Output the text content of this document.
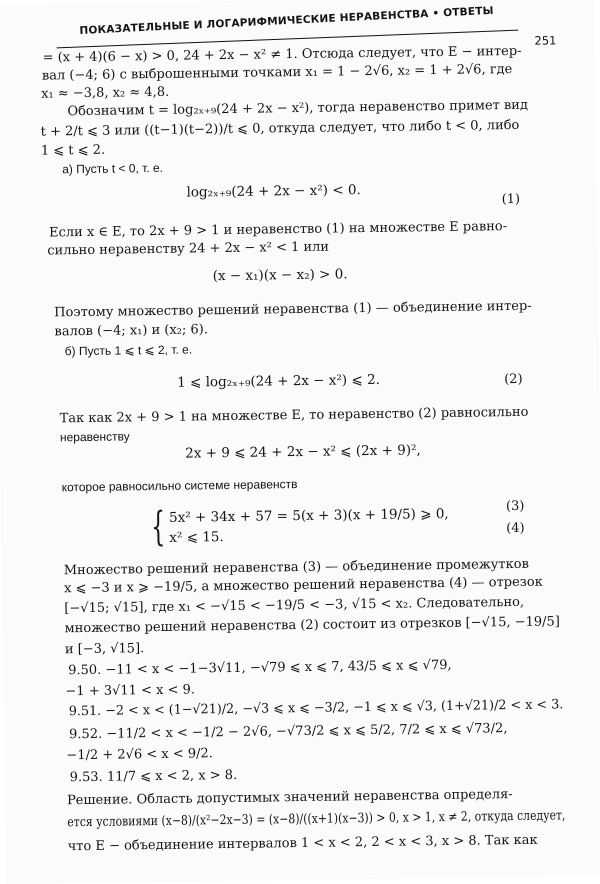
ПОКАЗАТЕЛЬНЫЕ И ЛОГАРИФМИЧЕСКИЕ НЕРАВЕНСТВА • ОТВЕТЫ
251
= (x + 4)(6 − x) > 0, 24 + 2x − x² ≠ 1. Отсюда следует, что E − интер-
вал (−4; 6) с выброшенными точками x₁ = 1 − 2√6, x₂ = 1 + 2√6, где
x₁ ≈ −3,8, x₂ ≈ 4,8.
Обозначим t = log₂ₓ₊₉(24 + 2x − x²), тогда неравенство примет вид
t + 2/t ⩽ 3 или ((t−1)(t−2))/t ⩽ 0, откуда следует, что либо t < 0, либо
1 ⩽ t ⩽ 2.
а) Пусть t < 0, т. е.
log₂ₓ₊₉(24 + 2x − x²) < 0.	(1)
Если x ∈ E, то 2x + 9 > 1 и неравенство (1) на множестве E равно-
сильно неравенству 24 + 2x − x² < 1 или
(x − x₁)(x − x₂) > 0.
Поэтому множество решений неравенства (1) — объединение интер-
валов (−4; x₁) и (x₂; 6).
б) Пусть 1 ⩽ t ⩽ 2, т. е.
1 ⩽ log₂ₓ₊₉(24 + 2x − x²) ⩽ 2.	(2)
Так как 2x + 9 > 1 на множестве E, то неравенство (2) равносильно
неравенству
2x + 9 ⩽ 24 + 2x − x² ⩽ (2x + 9)²,
которое равносильно системе неравенств
{ 5x² + 34x + 57 = 5(x + 3)(x + 19/5) ⩾ 0,	(3)
x² ⩽ 15.
(4)
Множество решений неравенства (3) — объединение промежутков
x ⩽ −3 и x ⩾ −19/5, а множество решений неравенства (4) — отрезок
[−√15; √15], где x₁ < −√15 < −19/5 < −3, √15 < x₂. Следовательно,
множество решений неравенства (2) состоит из отрезков [−√15, −19/5]
и [−3, √15].
9.50. −11 < x < −1−3√11, −√79 ⩽ x ⩽ 7, 43/5 ⩽ x ⩽ √79,
−1 + 3√11 < x < 9.
9.51. −2 < x < (1−√21)/2, −√3 ⩽ x ⩽ −3/2, −1 ⩽ x ⩽ √3, (1+√21)/2 < x < 3.
9.52. −11/2 < x < −1/2 − 2√6, −√73/2 ⩽ x ⩽ 5/2, 7/2 ⩽ x ⩽ √73/2,
−1/2 + 2√6 < x < 9/2.
9.53. 11/7 ⩽ x < 2, x > 8.
Решение. Область допустимых значений неравенства определя-
ется условиями (x−8)/(x²−2x−3) = (x−8)/((x+1)(x−3)) > 0, x > 1, x ≠ 2, откуда следует,
что E − объединение интервалов 1 < x < 2, 2 < x < 3, x > 8. Так как
